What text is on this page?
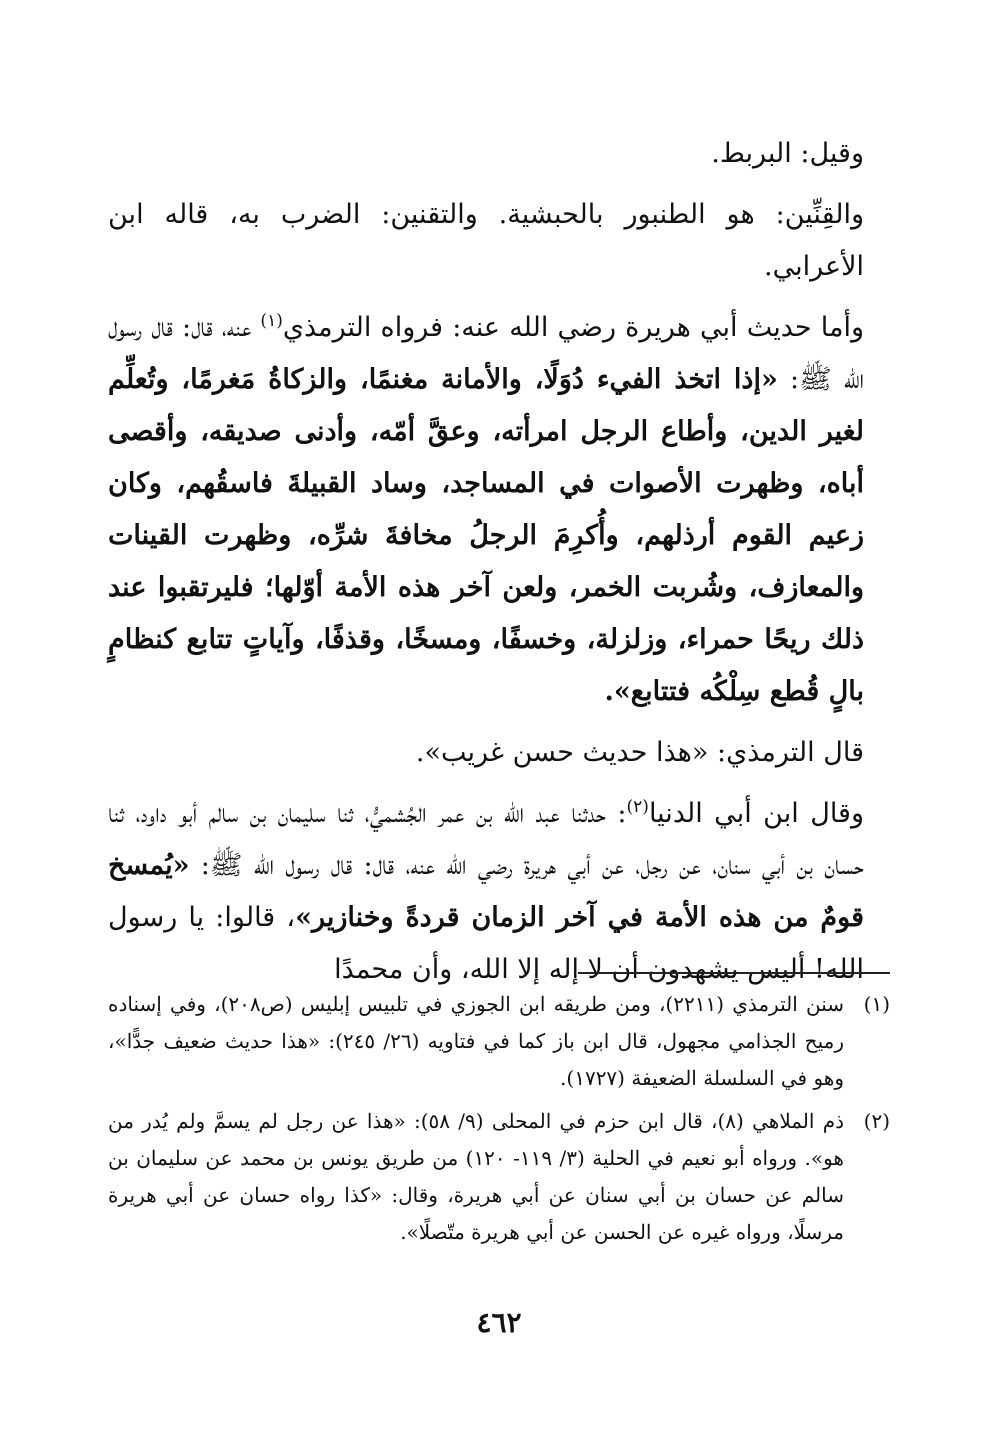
وقيل: البربط.

والقِنِّين: هو الطنبور بالحبشية. والتقنين: الضرب به، قاله ابن الأعرابي.

وأما حديث أبي هريرة رضي الله عنه: فرواه الترمذي$^{(١)}$ عنه، قال: قال رسول الله ﷺ: «إذا اتخذ الفيء دُوَلًا، والأمانة مغنمًا، والزكاةُ مَغرمًا، وتُعلِّم لغير الدين، وأطاع الرجل امرأته، وعقَّ أمّه، وأدنى صديقه، وأقصى أباه، وظهرت الأصوات في المساجد، وساد القبيلةَ فاسقُهم، وكان زعيم القوم أرذلهم، وأُكرِمَ الرجلُ مخافةَ شرِّه، وظهرت القينات والمعازف، وشُربت الخمر، ولعن آخر هذه الأمة أوّلها؛ فليرتقبوا عند ذلك ريحًا حمراء، وزلزلة، وخسفًا، ومسخًا، وقذفًا، وآياتٍ تتابع كنظامٍ بالٍ قُطع سِلْكُه فتتابع».

قال الترمذي: «هذا حديث حسن غريب».

وقال ابن أبي الدنيا$^{(٢)}$: حدثنا عبد الله بن عمر الجُشميُّ، ثنا سليمان بن سالم أبو داود، ثنا حسان بن أبي سنان، عن رجل، عن أبي هريرة رضي الله عنه، قال: قال رسول الله ﷺ: «يُمسخ قومٌ من هذه الأمة في آخر الزمان قردةً وخنازير»، قالوا: يا رسول الله! أليس يشهدون أن لا إله إلا الله، وأن محمدًا

(١)
سنن الترمذي (٢٢١١)، ومن طريقه ابن الجوزي في تلبيس إبليس (ص٢٠٨)، وفي إسناده رميح الجذامي مجهول، قال ابن باز كما في فتاويه (٢٦/ ٢٤٥): «هذا حديث ضعيف جدًّا»، وهو في السلسلة الضعيفة (١٧٢٧).
(٢)
ذم الملاهي (٨)، قال ابن حزم في المحلى (٩/ ٥٨): «هذا عن رجل لم يسمَّ ولم يُدر من هو». ورواه أبو نعيم في الحلية (٣/ ١١٩- ١٢٠) من طريق يونس بن محمد عن سليمان بن سالم عن حسان بن أبي سنان عن أبي هريرة، وقال: «كذا رواه حسان عن أبي هريرة مرسلًا، ورواه غيره عن الحسن عن أبي هريرة متّصلًا».
٤٦٢
